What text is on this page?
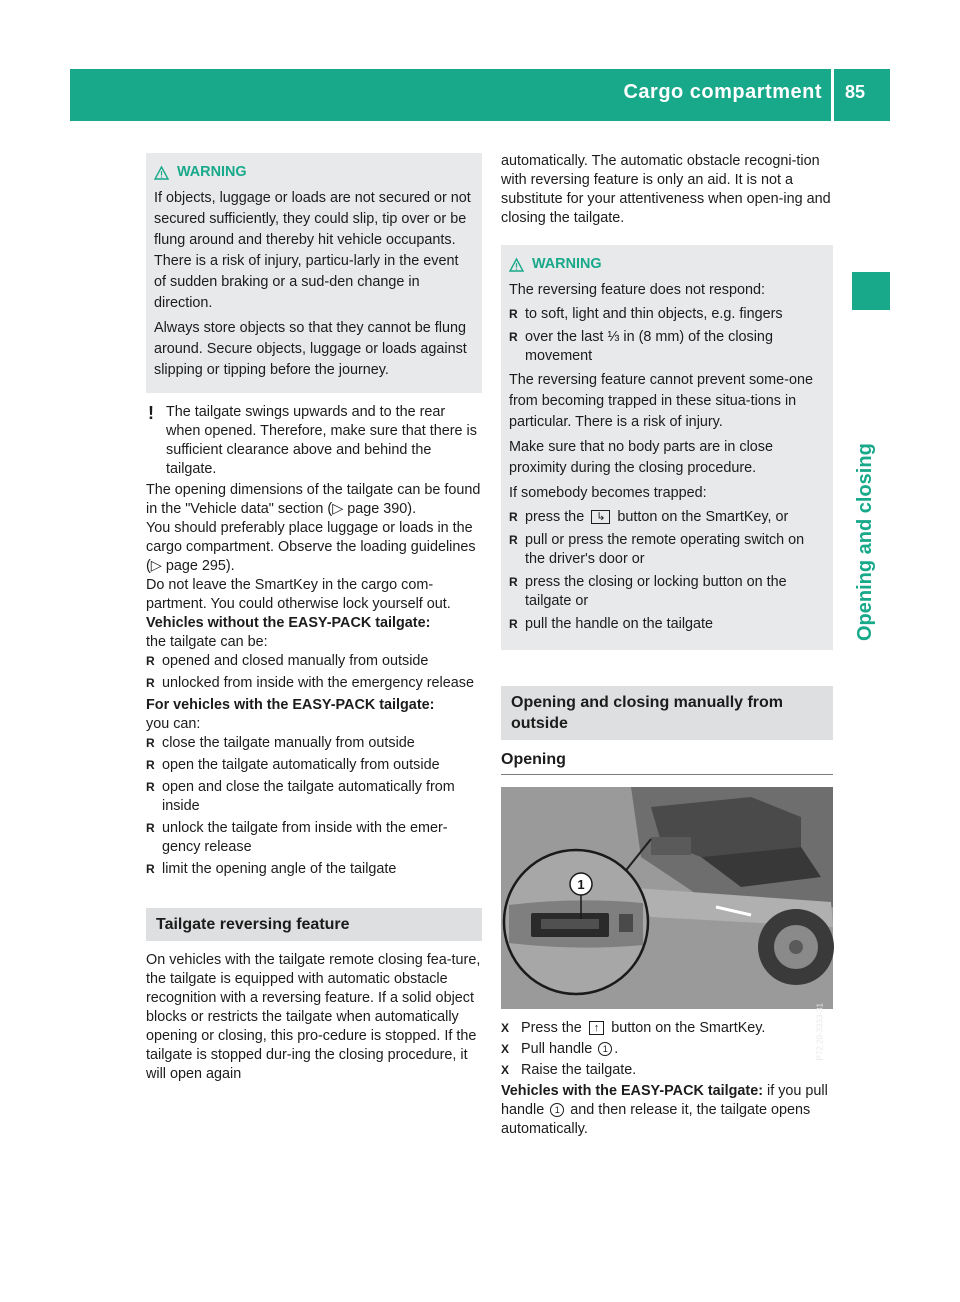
Cargo compartment 85
Opening and closing
WARNING

If objects, luggage or loads are not secured or not secured sufficiently, they could slip, tip over or be flung around and thereby hit vehicle occupants. There is a risk of injury, particu-larly in the event of sudden braking or a sud-den change in direction.

Always store objects so that they cannot be flung around. Secure objects, luggage or loads against slipping or tipping before the journey.

! The tailgate swings upwards and to the rear when opened. Therefore, make sure that there is sufficient clearance above and behind the tailgate.

The opening dimensions of the tailgate can be found in the "Vehicle data" section (▷ page 390).

You should preferably place luggage or loads in the cargo compartment. Observe the loading guidelines (▷ page 295).

Do not leave the SmartKey in the cargo com-partment. You could otherwise lock yourself out.

Vehicles without the EASY-PACK tailgate:

the tailgate can be:

R opened and closed manually from outside
R unlocked from inside with the emergency release

For vehicles with the EASY-PACK tailgate:

you can:

R close the tailgate manually from outside
R open the tailgate automatically from outside
R open and close the tailgate automatically from inside
R unlock the tailgate from inside with the emer-gency release
R limit the opening angle of the tailgate
Tailgate reversing feature

On vehicles with the tailgate remote closing fea-ture, the tailgate is equipped with automatic obstacle recognition with a reversing feature. If a solid object blocks or restricts the tailgate when automatically opening or closing, this pro-cedure is stopped. If the tailgate is stopped dur-ing the closing procedure, it will open again

automatically. The automatic obstacle recogni-tion with reversing feature is only an aid. It is not a substitute for your attentiveness when open-ing and closing the tailgate.

WARNING

The reversing feature does not respond:

R to soft, light and thin objects, e.g. fingers
R over the last ⅓ in (8 mm) of the closing movement

The reversing feature cannot prevent some-one from becoming trapped in these situa-tions in particular. There is a risk of injury.

Make sure that no body parts are in close proximity during the closing procedure.

If somebody becomes trapped:

R press the ↳ button on the SmartKey, or
R pull or press the remote operating switch on the driver's door or
R press the closing or locking button on the tailgate or
R pull the handle on the tailgate
Opening and closing manually from outside
Opening
1
P72.20-3333-31
X Press the ↑ button on the SmartKey.
X Pull handle 1 .
X Raise the tailgate.

Vehicles with the EASY-PACK tailgate: if you pull handle 1 and then release it, the tailgate opens automatically.
